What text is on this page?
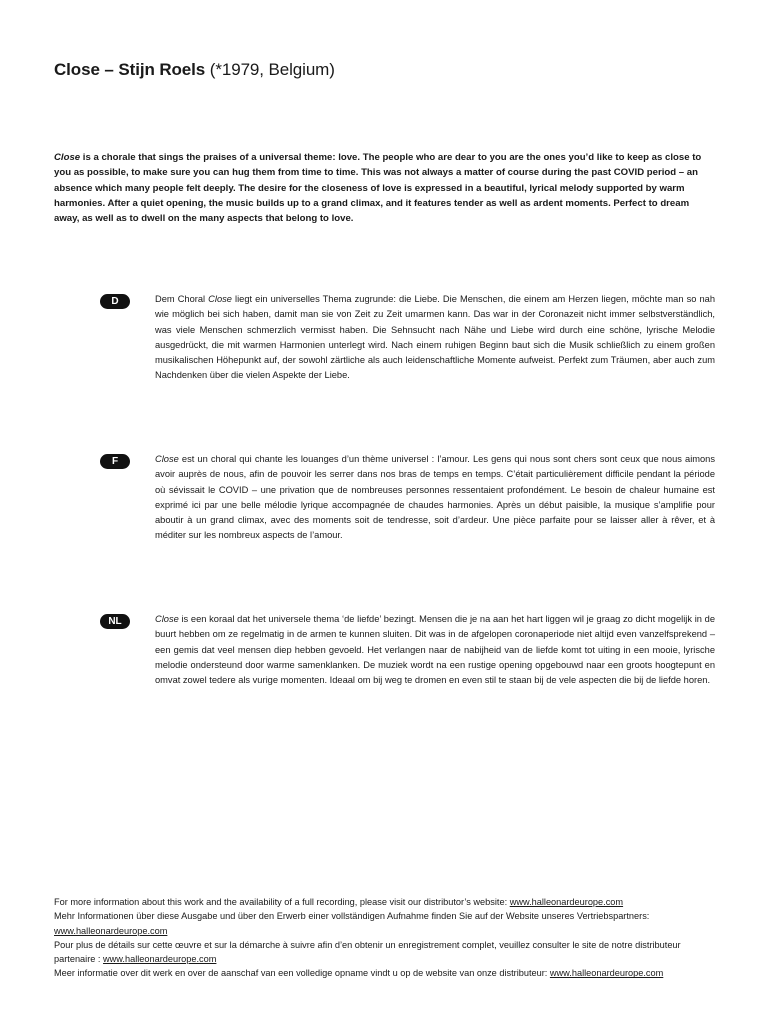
Close – Stijn Roels (*1979, Belgium)
Close is a chorale that sings the praises of a universal theme: love. The people who are dear to you are the ones you’d like to keep as close to you as possible, to make sure you can hug them from time to time. This was not always a matter of course during the past COVID period – an absence which many people felt deeply. The desire for the closeness of love is expressed in a beautiful, lyrical melody supported by warm harmonies. After a quiet opening, the music builds up to a grand climax, and it features tender as well as ardent moments. Perfect to dream away, as well as to dwell on the many aspects that belong to love.
D	Dem Choral Close liegt ein universelles Thema zugrunde: die Liebe. Die Menschen, die einem am Herzen liegen, möchte man so nah wie möglich bei sich haben, damit man sie von Zeit zu Zeit umarmen kann. Das war in der Coronazeit nicht immer selbstverständlich, was viele Menschen schmerzlich vermisst haben. Die Sehnsucht nach Nähe und Liebe wird durch eine schöne, lyrische Melodie ausgedrückt, die mit warmen Harmonien unterlegt wird. Nach einem ruhigen Beginn baut sich die Musik schließlich zu einem großen musikalischen Höhepunkt auf, der sowohl zärtliche als auch leidenschaftliche Momente aufweist. Perfekt zum Träumen, aber auch zum Nachdenken über die vielen Aspekte der Liebe.
F	Close est un choral qui chante les louanges d’un thème universel : l’amour. Les gens qui nous sont chers sont ceux que nous aimons avoir auprès de nous, afin de pouvoir les serrer dans nos bras de temps en temps. C’était particulièrement difficile pendant la période où sévissait le COVID – une privation que de nombreuses personnes ressentaient profondément. Le besoin de chaleur humaine est exprimé ici par une belle mélodie lyrique accompagnée de chaudes harmonies. Après un début paisible, la musique s’amplifie pour aboutir à un grand climax, avec des moments soit de tendresse, soit d’ardeur. Une pièce parfaite pour se laisser aller à rêver, et à méditer sur les nombreux aspects de l’amour.
NL	Close is een koraal dat het universele thema ‘de liefde’ bezingt. Mensen die je na aan het hart liggen wil je graag zo dicht mogelijk in de buurt hebben om ze regelmatig in de armen te kunnen sluiten. Dit was in de afgelopen coronaperiode niet altijd even vanzelfsprekend – een gemis dat veel mensen diep hebben gevoeld. Het verlangen naar de nabijheid van de liefde komt tot uiting in een mooie, lyrische melodie ondersteund door warme samenklanken. De muziek wordt na een rustige opening opgebouwd naar een groots hoogtepunt en omvat zowel tedere als vurige momenten. Ideaal om bij weg te dromen en even stil te staan bij de vele aspecten die bij de liefde horen.

For more information about this work and the availability of a full recording, please visit our distributor’s website: www.halleonardeurope.com

Mehr Informationen über diese Ausgabe und über den Erwerb einer vollständigen Aufnahme finden Sie auf der Website unseres Vertriebspartners: www.halleonardeurope.com

Pour plus de détails sur cette œuvre et sur la démarche à suivre afin d’en obtenir un enregistrement complet, veuillez consulter le site de notre distributeur partenaire : www.halleonardeurope.com

Meer informatie over dit werk en over de aanschaf van een volledige opname vindt u op de website van onze distributeur: www.halleonardeurope.com
